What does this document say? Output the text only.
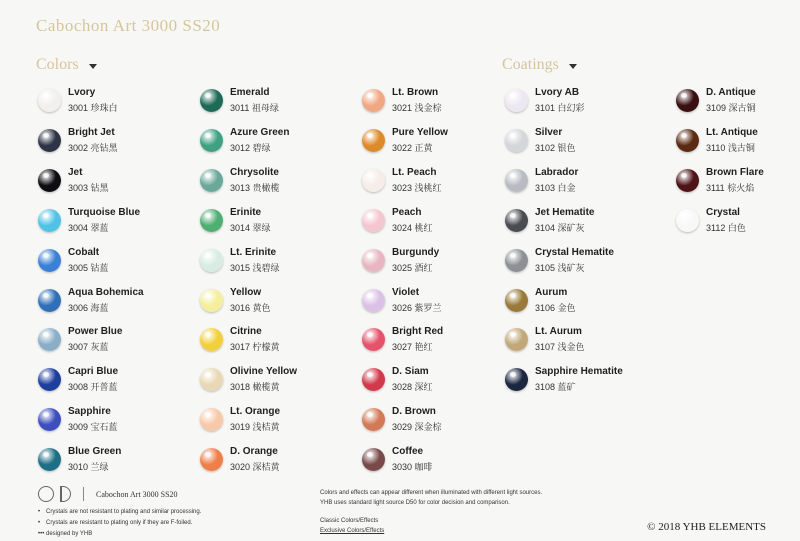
Cabochon Art 3000 SS20
Colors	Coatings
Lvory
3001 珍珠白
Bright Jet
3002 亮钻黑
Jet
3003 钻黑
Turquoise Blue
3004 翠蓝
Cobalt
3005 钴蓝
Aqua Bohemica
3006 海蓝
Power Blue
3007 灰蓝
Capri Blue
3008 开普蓝
Sapphire
3009 宝石蓝
Blue Green
3010 兰绿
Emerald
3011 祖母绿
Azure Green
3012 碧绿
Chrysolite
3013 贵橄榄
Erinite
3014 翠绿
Lt. Erinite
3015 浅碧绿
Yellow
3016 黄色
Citrine
3017 柠檬黄
Olivine Yellow
3018 橄榄黄
Lt. Orange
3019 浅桔黄
D. Orange
3020 深桔黄
Lt. Brown
3021 浅金棕
Pure Yellow
3022 正黄
Lt. Peach
3023 浅桃红
Peach
3024 桃红
Burgundy
3025 酒红
Violet
3026 紫罗兰
Bright Red
3027 艳红
D. Siam
3028 深红
D. Brown
3029 深金棕
Coffee
3030 咖啡
Lvory AB
3101 白幻彩
Silver
3102 银色
Labrador
3103 白金
Jet Hematite
3104 深矿灰
Crystal Hematite
3105 浅矿灰
Aurum
3106 金色
Lt. Aurum
3107 浅金色
Sapphire Hematite
3108 蓝矿
D. Antique
3109 深古铜
Lt. Antique
3110 浅古铜
Brown Flare
3111 棕火焰
Crystal
3112 白色
Cabochon Art 3000 SS20
• Crystals are not resistant to plating and similar processing.
• Crystals are resistant to plating only if they are F-foiled.
••• designed by YHB
Colors and effects can appear different when illuminated with different light sources.
YHB uses standard light source D50 for color decision and comparison.
Classic Colors/Effects
Exclusive Colors/Effects	© 2018 YHB ELEMENTS
